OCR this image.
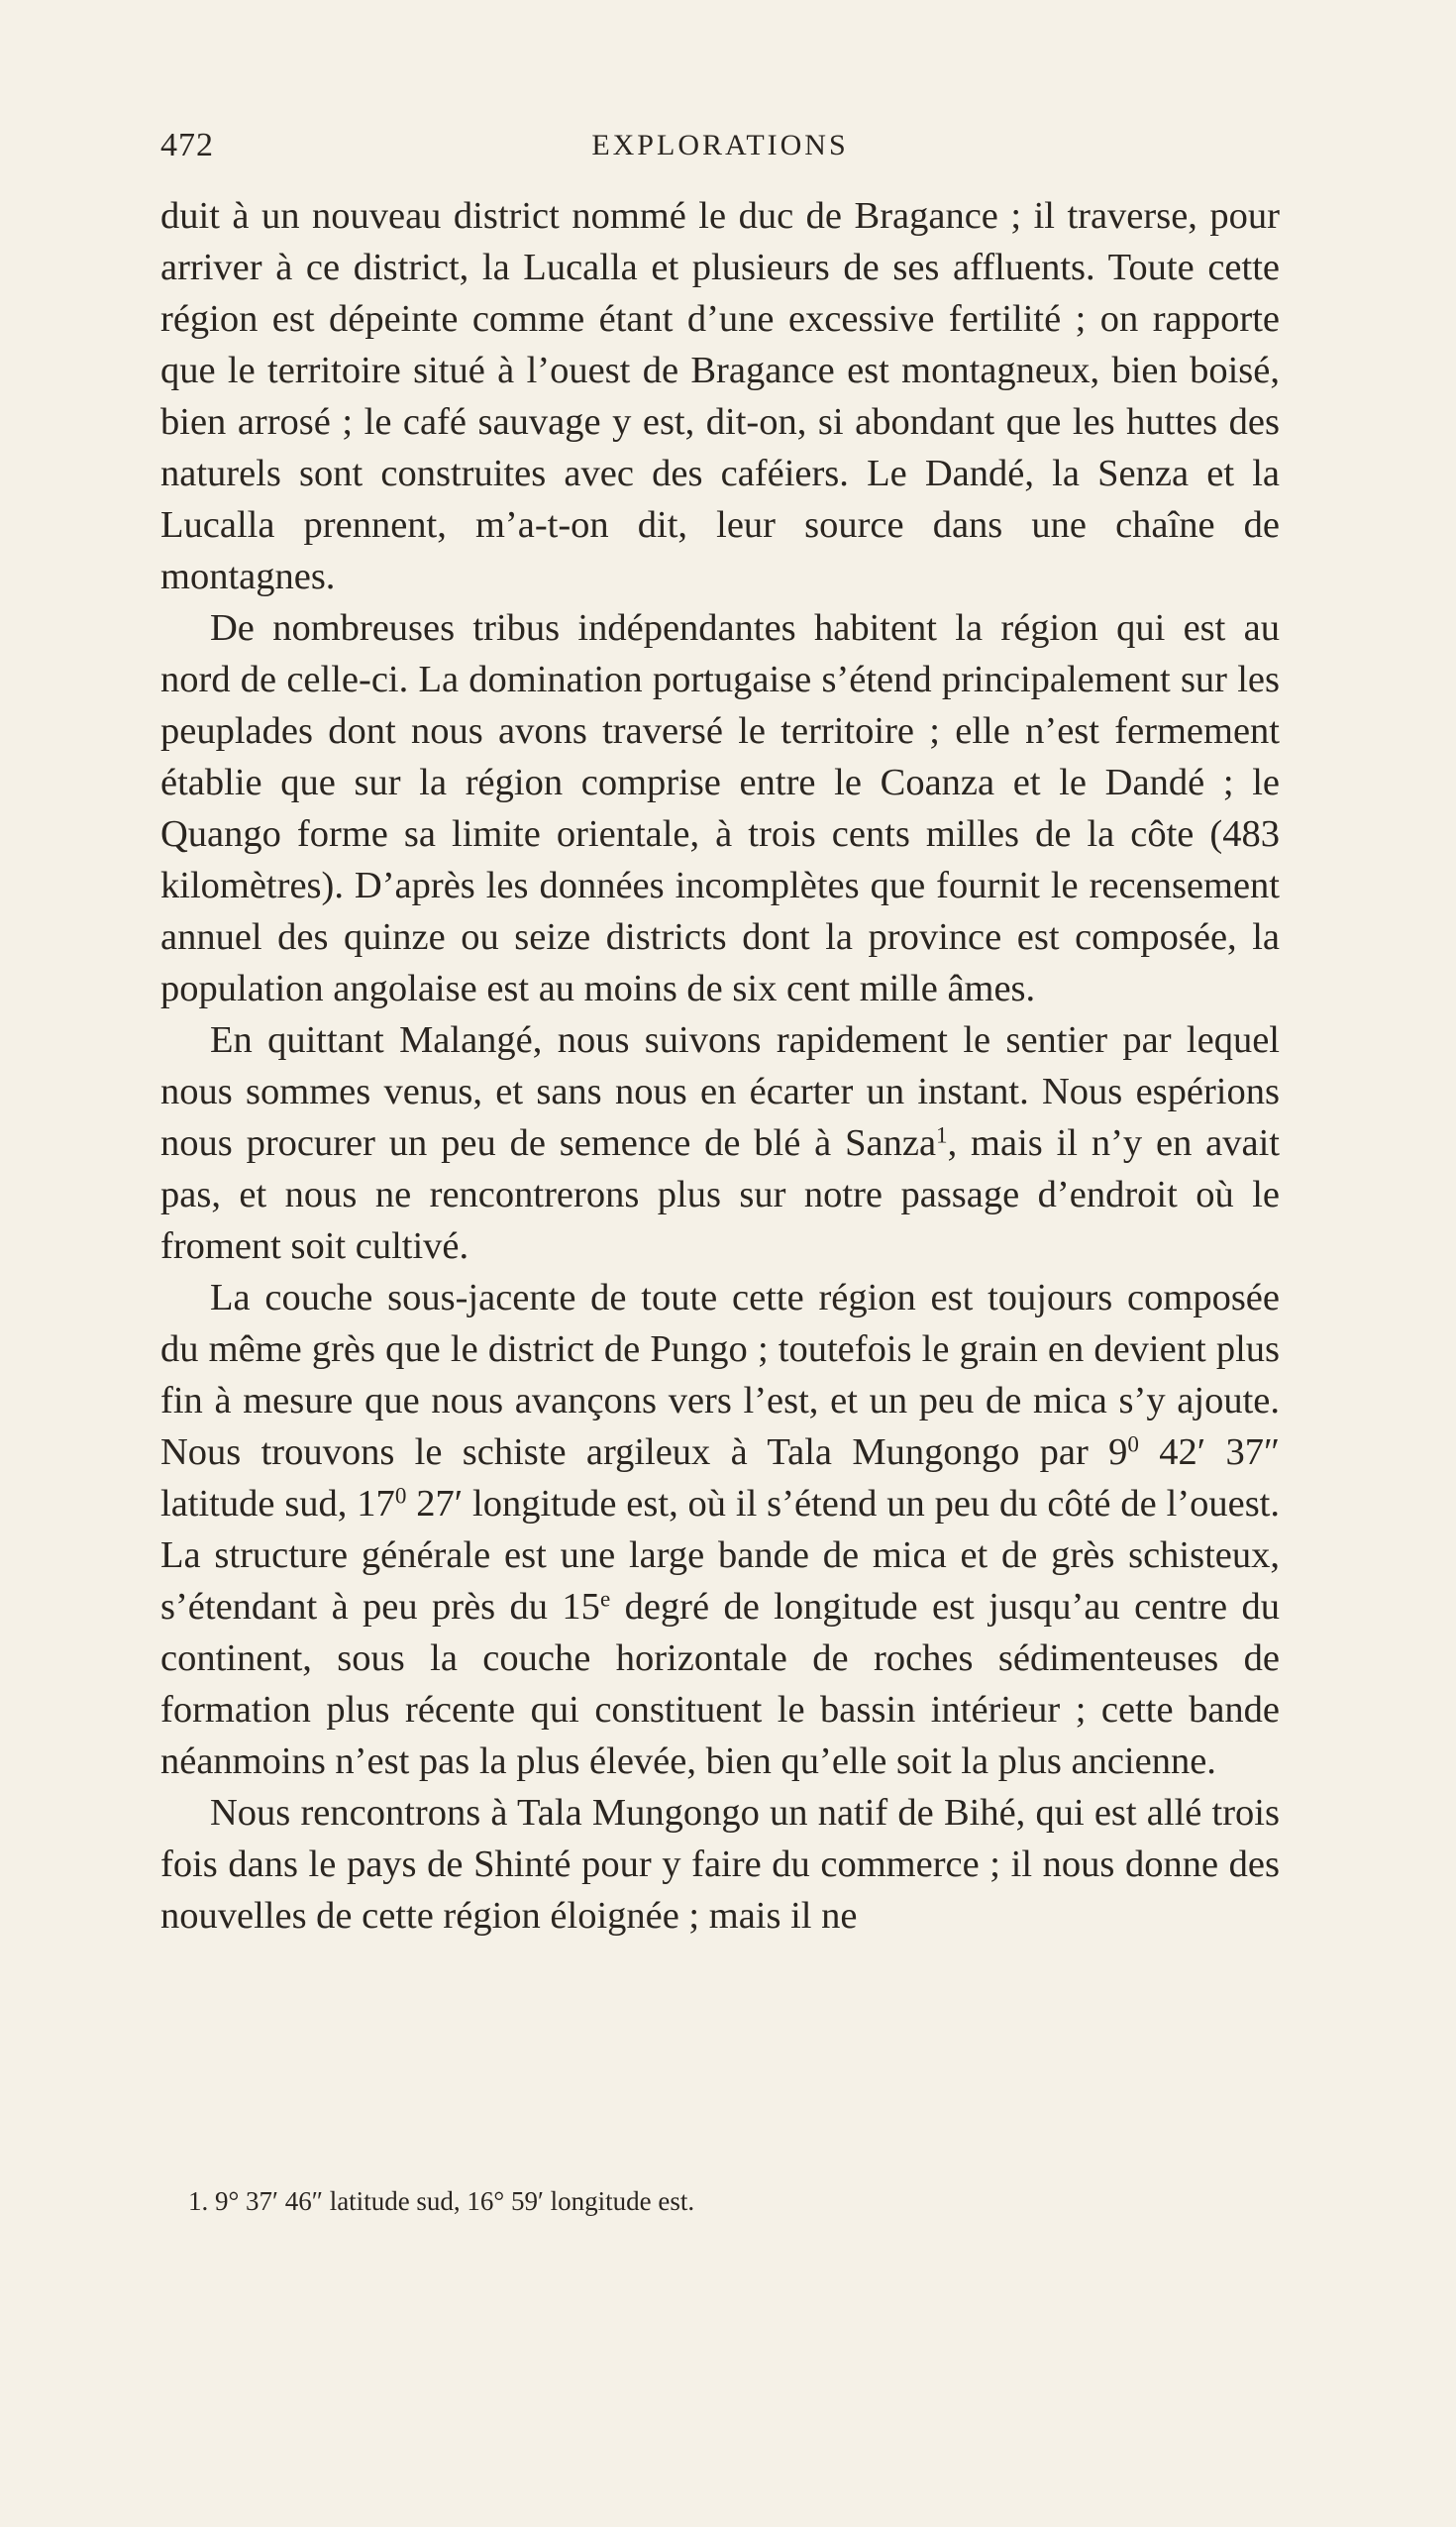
472	EXPLORATIONS

duit à un nouveau district nommé le duc de Bragance ; il traverse, pour arriver à ce district, la Lucalla et plusieurs de ses affluents. Toute cette région est dépeinte comme étant d’une excessive fertilité ; on rapporte que le territoire situé à l’ouest de Bragance est montagneux, bien boisé, bien arrosé ; le café sauvage y est, dit-on, si abondant que les huttes des naturels sont construites avec des caféiers. Le Dandé, la Senza et la Lucalla prennent, m’a-t-on dit, leur source dans une chaîne de montagnes.

De nombreuses tribus indépendantes habitent la région qui est au nord de celle-ci. La domination portugaise s’étend principalement sur les peuplades dont nous avons traversé le territoire ; elle n’est fermement établie que sur la région comprise entre le Coanza et le Dandé ; le Quango forme sa limite orientale, à trois cents milles de la côte (483 kilomètres). D’après les données incomplètes que fournit le recensement annuel des quinze ou seize districts dont la province est composée, la population angolaise est au moins de six cent mille âmes.

En quittant Malangé, nous suivons rapidement le sentier par lequel nous sommes venus, et sans nous en écarter un instant. Nous espérions nous procurer un peu de semence de blé à Sanza$^1$, mais il n’y en avait pas, et nous ne rencontrerons plus sur notre passage d’endroit où le froment soit cultivé.

La couche sous-jacente de toute cette région est toujours composée du même grès que le district de Pungo ; toutefois le grain en devient plus fin à mesure que nous avançons vers l’est, et un peu de mica s’y ajoute. Nous trouvons le schiste argileux à Tala Mungongo par $9^0$ 42′ 37″ latitude sud, $17^0$ 27′ longitude est, où il s’étend un peu du côté de l’ouest. La structure générale est une large bande de mica et de grès schisteux, s’étendant à peu près du 15e degré de longitude est jusqu’au centre du continent, sous la couche horizontale de roches sédimenteuses de formation plus récente qui constituent le bassin intérieur ; cette bande néanmoins n’est pas la plus élevée, bien qu’elle soit la plus ancienne.

Nous rencontrons à Tala Mungongo un natif de Bihé, qui est allé trois fois dans le pays de Shinté pour y faire du commerce ; il nous donne des nouvelles de cette région éloignée ; mais il ne

1. 9° 37′ 46″ latitude sud, 16° 59′ longitude est.
